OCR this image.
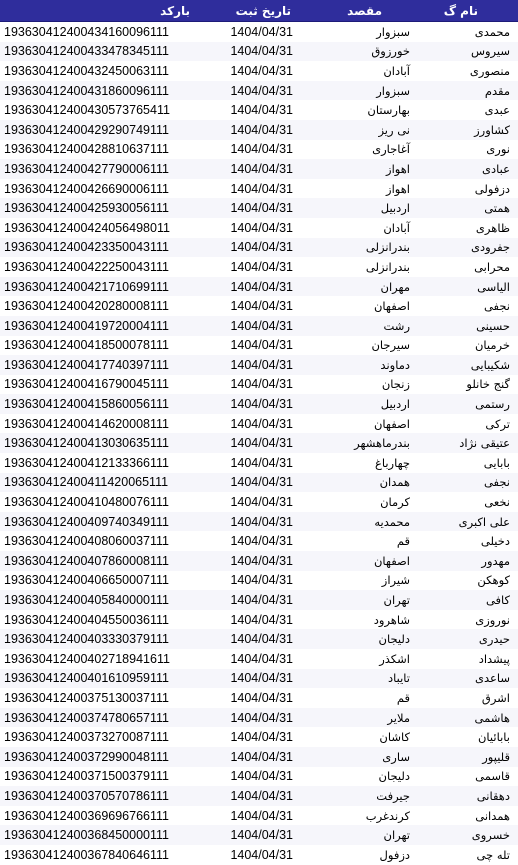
بارکد	تاریخ ثبت	مقصد	نام گ
193630412400434160096111	1404/04/31	سبزوار	محمدی
193630412400433478345111	1404/04/31	خورزوق	سیروس
193630412400432450063111	1404/04/31	آبادان	منصوری
193630412400431860096111	1404/04/31	سبزوار	مقدم
193630412400430573765411	1404/04/31	بهارستان	عبدی
193630412400429290749111	1404/04/31	نی ریز	کشاورز
193630412400428810637111	1404/04/31	آغاجاری	نوری
193630412400427790006111	1404/04/31	اهواز	عبادی
193630412400426690006111	1404/04/31	اهواز	دزفولی
193630412400425930056111	1404/04/31	اردبیل	همتی
193630412400424056498011	1404/04/31	آبادان	ظاهری
193630412400423350043111	1404/04/31	بندرانزلی	جفرودی
193630412400422250043111	1404/04/31	بندرانزلی	محرابی
193630412400421710699111	1404/04/31	مهران	الیاسی
193630412400420280008111	1404/04/31	اصفهان	نجفی
193630412400419720004111	1404/04/31	رشت	حسینی
193630412400418500078111	1404/04/31	سیرجان	خرمیان
193630412400417740397111	1404/04/31	دماوند	شکیبایی
193630412400416790045111	1404/04/31	زنجان	گنج خانلو
193630412400415860056111	1404/04/31	اردبیل	رستمی
193630412400414620008111	1404/04/31	اصفهان	ترکی
193630412400413030635111	1404/04/31	بندرماهشهر	عتیقی نژاد
193630412400412133366111	1404/04/31	چهارباغ	بابایی
193630412400411420065111	1404/04/31	همدان	نجفی
193630412400410480076111	1404/04/31	کرمان	نخعی
193630412400409740349111	1404/04/31	محمدیه	علی اکبری
193630412400408060037111	1404/04/31	قم	دخیلی
193630412400407860008111	1404/04/31	اصفهان	مهدور
193630412400406650007111	1404/04/31	شیراز	کوهکن
193630412400405840000111	1404/04/31	تهران	کافی
193630412400404550036111	1404/04/31	شاهرود	نوروزی
193630412400403330379111	1404/04/31	دلیجان	حیدری
193630412400402718941611	1404/04/31	اشکذر	پیشداد
193630412400401610959111	1404/04/31	تایباد	ساعدی
193630412400375130037111	1404/04/31	قم	اشرق
193630412400374780657111	1404/04/31	ملایر	هاشمی
193630412400373270087111	1404/04/31	کاشان	بابائیان
193630412400372990048111	1404/04/31	ساری	قلیپور
193630412400371500379111	1404/04/31	دلیجان	قاسمی
193630412400370570786111	1404/04/31	جیرفت	دهقانی
193630412400369696766111	1404/04/31	کرندغرب	همدانی
193630412400368450000111	1404/04/31	تهران	خسروی
193630412400367840646111	1404/04/31	دزفول	تله چی
